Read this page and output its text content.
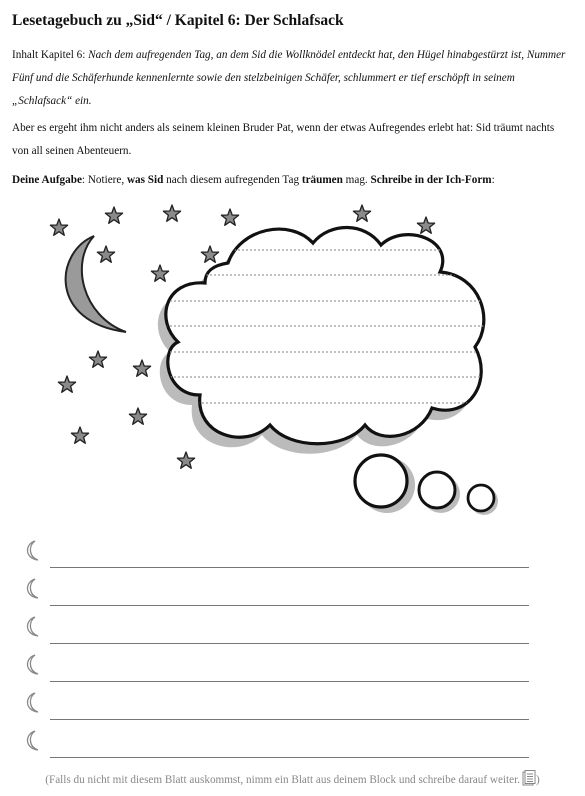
Lesetagebuch zu „Sid“ / Kapitel 6: Der Schlafsack

Inhalt Kapitel 6: Nach dem aufregenden Tag, an dem Sid die Wollknödel entdeckt hat, den Hügel hinabgestürzt ist, Nummer Fünf und die Schäferhunde kennenlernte sowie den stelzbeinigen Schäfer, schlummert er tief erschöpft in seinem „Schlafsack“ ein.

Aber es ergeht ihm nicht anders als seinem kleinen Bruder Pat, wenn der etwas Aufregendes erlebt hat: Sid träumt nachts von all seinen Abenteuern.

Deine Aufgabe: Notiere, was Sid nach diesem aufregenden Tag träumen mag. Schreibe in der Ich-Form:

(Falls du nicht mit diesem Blatt auskommst, nimm ein Blatt aus deinem Block und schreibe darauf weiter. )
